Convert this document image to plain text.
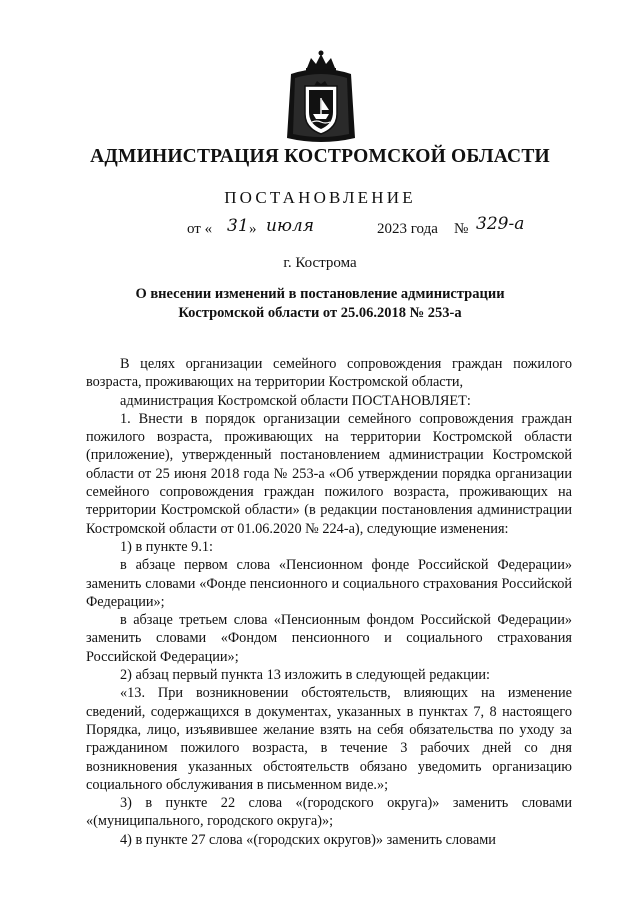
АДМИНИСТРАЦИЯ КОСТРОМСКОЙ ОБЛАСТИ
ПОСТАНОВЛЕНИЕ
от « 31 » июля	2023 года № 329-а
г. Кострома
О внесении изменений в постановление администрации
Костромской области от 25.06.2018 № 253-а

В целях организации семейного сопровождения граждан пожилого возраста, проживающих на территории Костромской области,

администрация Костромской области ПОСТАНОВЛЯЕТ:

1. Внести в порядок организации семейного сопровождения граждан пожилого возраста, проживающих на территории Костромской области (приложение), утвержденный постановлением администрации Костромской области от 25 июня 2018 года № 253-а «Об утверждении порядка организации семейного сопровождения граждан пожилого возраста, проживающих на территории Костромской области» (в редакции постановления администрации Костромской области от 01.06.2020 № 224-а), следующие изменения:

1) в пункте 9.1:

в абзаце первом слова «Пенсионном фонде Российской Федерации» заменить словами «Фонде пенсионного и социального страхования Российской Федерации»;

в абзаце третьем слова «Пенсионным фондом Российской Федерации» заменить словами «Фондом пенсионного и социального страхования Российской Федерации»;

2) абзац первый пункта 13 изложить в следующей редакции:

«13. При возникновении обстоятельств, влияющих на изменение сведений, содержащихся в документах, указанных в пунктах 7, 8 настоящего Порядка, лицо, изъявившее желание взять на себя обязательства по уходу за гражданином пожилого возраста, в течение 3 рабочих дней со дня возникновения указанных обстоятельств обязано уведомить организацию социального обслуживания в письменном виде.»;

3) в пункте 22 слова «(городского округа)» заменить словами «(муниципального, городского округа)»;

4) в пункте 27 слова «(городских округов)» заменить словами
